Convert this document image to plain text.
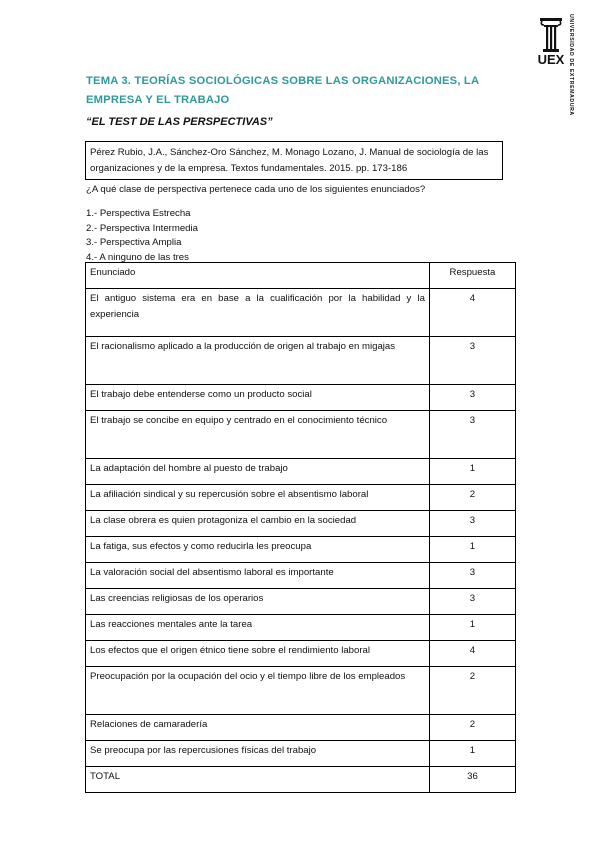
UEX UNIVERSIDAD DE EXTREMADURA
TEMA 3. TEORÍAS SOCIOLÓGICAS SOBRE LAS ORGANIZACIONES, LA EMPRESA Y EL TRABAJO
“EL TEST DE LAS PERSPECTIVAS”
Pérez Rubio, J.A., Sánchez-Oro Sánchez, M. Monago Lozano, J. Manual de sociología de las organizaciones y de la empresa. Textos fundamentales. 2015. pp. 173-186
¿A qué clase de perspectiva pertenece cada uno de los siguientes enunciados?
1.- Perspectiva Estrecha
2.- Perspectiva Intermedia
3.- Perspectiva Amplia
4.- A ninguno de las tres
Enunciado	Respuesta
El antiguo sistema era en base a la cualificación por la habilidad y la experiencia	4
El racionalismo aplicado a la producción de origen al trabajo en migajas	3
El trabajo debe entenderse como un producto social	3
El trabajo se concibe en equipo y centrado en el conocimiento técnico	3
La adaptación del hombre al puesto de trabajo	1
La afiliación sindical y su repercusión sobre el absentismo laboral	2
La clase obrera es quien protagoniza el cambio en la sociedad	3
La fatiga, sus efectos y como reducirla les preocupa	1
La valoración social del absentismo laboral es importante	3
Las creencias religiosas de los operarios	3
Las reacciones mentales ante la tarea	1
Los efectos que el origen étnico tiene sobre el rendimiento laboral	4
Preocupación por la ocupación del ocio y el tiempo libre de los empleados	2
Relaciones de camaradería	2
Se preocupa por las repercusiones físicas del trabajo	1
TOTAL	36
